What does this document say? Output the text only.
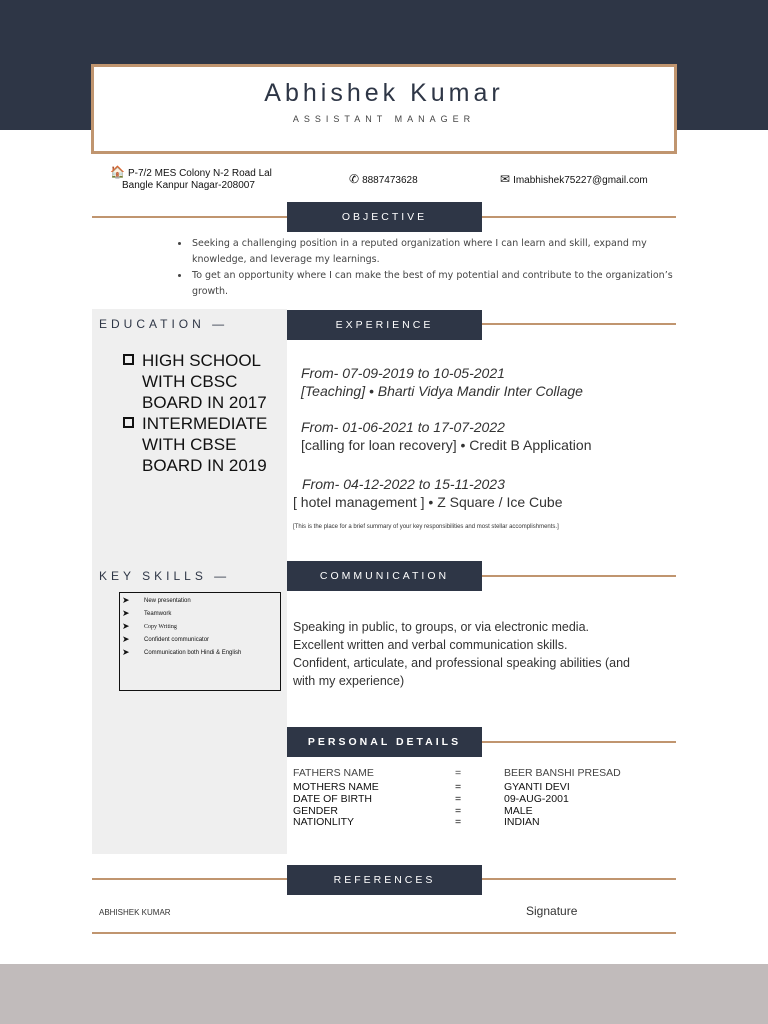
Abhishek Kumar
ASSISTANT MANAGER
🏠 P-7/2 MES Colony N-2 Road Lal
Bangle Kanpur Nagar-208007	✆ 8887473628	✉ Imabhishek75227@gmail.com
OBJECTIVE
• Seeking a challenging position in a reputed organization where I can learn and skill, expand my knowledge, and leverage my learnings.
• To get an opportunity where I can make the best of my potential and contribute to the organization’s growth.
EDUCATION —
HIGH SCHOOL WITH CBSC BOARD IN 2017
INTERMEDIATE WITH CBSE BOARD IN 2019
EXPERIENCE
From- 07-09-2019 to 10-05-2021
[Teaching] • Bharti Vidya Mandir Inter Collage
From- 01-06-2021 to 17-07-2022
[calling for loan recovery] • Credit B Application
From- 04-12-2022 to 15-11-2023
[ hotel management ] • Z Square / Ice Cube
[This is the place for a brief summary of your key responsibilities and most stellar accomplishments.]
KEY SKILLS —
➤	New presentation
➤	Teamwork
➤	Copy Writing
➤	Confident communicator
➤	Communication both Hindi & English
COMMUNICATION
Speaking in public, to groups, or via electronic media.
Excellent written and verbal communication skills.
Confident, articulate, and professional speaking abilities (and
with my experience)
PERSONAL DETAILS
FATHERS NAME	=	BEER BANSHI PRESAD
MOTHERS NAME	=	GYANTI DEVI
DATE OF BIRTH	=	09-AUG-2001
GENDER	=	MALE
NATIONLITY	=	INDIAN
REFERENCES
ABHISHEK KUMAR	Signature
